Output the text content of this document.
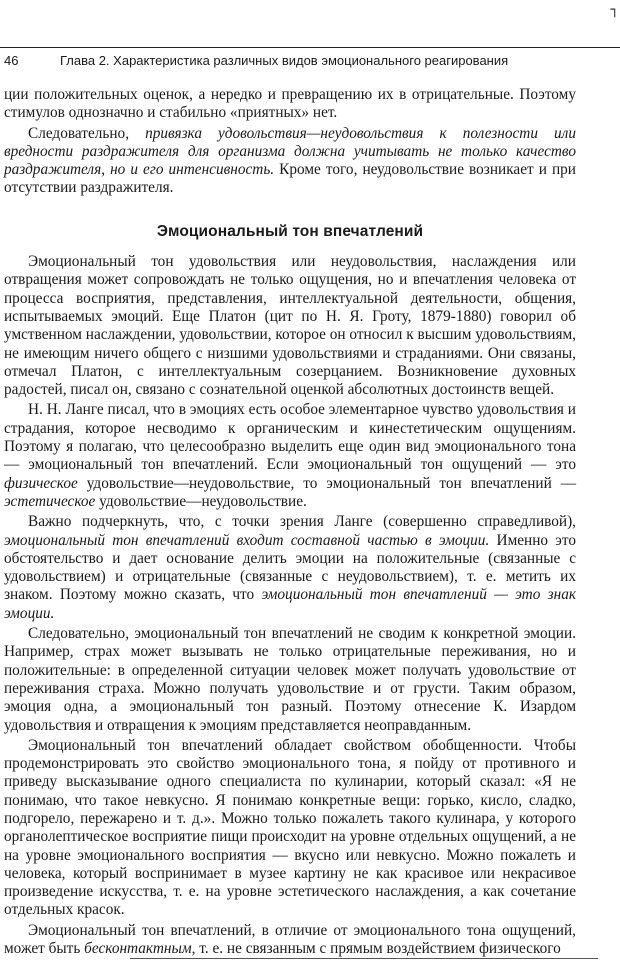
┐
46	Глава 2. Характеристика различных видов эмоционального реагирования

ции положительных оценок, а нередко и превращению их в отрицательные. Поэтому стимулов однозначно и стабильно «приятных» нет.

Следовательно, привязка удовольствия—неудовольствия к полезности или вредности раздражителя для организма должна учитывать не только качество раздражителя, но и его интенсивность. Кроме того, неудовольствие возникает и при отсутствии раздражителя.

Эмоциональный тон впечатлений

Эмоциональный тон удовольствия или неудовольствия, наслаждения или отвращения может сопровождать не только ощущения, но и впечатления человека от процесса восприятия, представления, интеллектуальной деятельности, общения, испытываемых эмоций. Еще Платон (цит по Н. Я. Гроту, 1879-1880) говорил об умственном наслаждении, удовольствии, которое он относил к высшим удовольствиям, не имеющим ничего общего с низшими удовольствиями и страданиями. Они связаны, отмечал Платон, с интеллектуальным созерцанием. Возникновение духовных радостей, писал он, связано с сознательной оценкой абсолютных достоинств вещей.

Н. Н. Ланге писал, что в эмоциях есть особое элементарное чувство удовольствия и страдания, которое несводимо к органическим и кинестетическим ощущениям. Поэтому я полагаю, что целесообразно выделить еще один вид эмоционального тона — эмоциональный тон впечатлений. Если эмоциональный тон ощущений — это физическое удовольствие—неудовольствие, то эмоциональный тон впечатлений — эстетическое удовольствие—неудовольствие.

Важно подчеркнуть, что, с точки зрения Ланге (совершенно справедливой), эмоциональный тон впечатлений входит составной частью в эмоции. Именно это обстоятельство и дает основание делить эмоции на положительные (связанные с удовольствием) и отрицательные (связанные с неудовольствием), т. е. метить их знаком. Поэтому можно сказать, что эмоциональный тон впечатлений — это знак эмоции.

Следовательно, эмоциональный тон впечатлений не сводим к конкретной эмоции. Например, страх может вызывать не только отрицательные переживания, но и положительные: в определенной ситуации человек может получать удовольствие от переживания страха. Можно получать удовольствие и от грусти. Таким образом, эмоция одна, а эмоциональный тон разный. Поэтому отнесение К. Изардом удовольствия и отвращения к эмоциям представляется неоправданным.

Эмоциональный тон впечатлений обладает свойством обобщенности. Чтобы продемонстрировать это свойство эмоционального тона, я пойду от противного и приведу высказывание одного специалиста по кулинарии, который сказал: «Я не понимаю, что такое невкусно. Я понимаю конкретные вещи: горько, кисло, сладко, подгорело, пережарено и т. д.». Можно только пожалеть такого кулинара, у которого органолептическое восприятие пищи происходит на уровне отдельных ощущений, а не на уровне эмоционального восприятия — вкусно или невкусно. Можно пожалеть и человека, который воспринимает в музее картину не как красивое или некрасивое произведение искусства, т. е. на уровне эстетического наслаждения, а как сочетание отдельных красок.

Эмоциональный тон впечатлений, в отличие от эмоционального тона ощущений, может быть бесконтактным, т. е. не связанным с прямым воздействием физического
